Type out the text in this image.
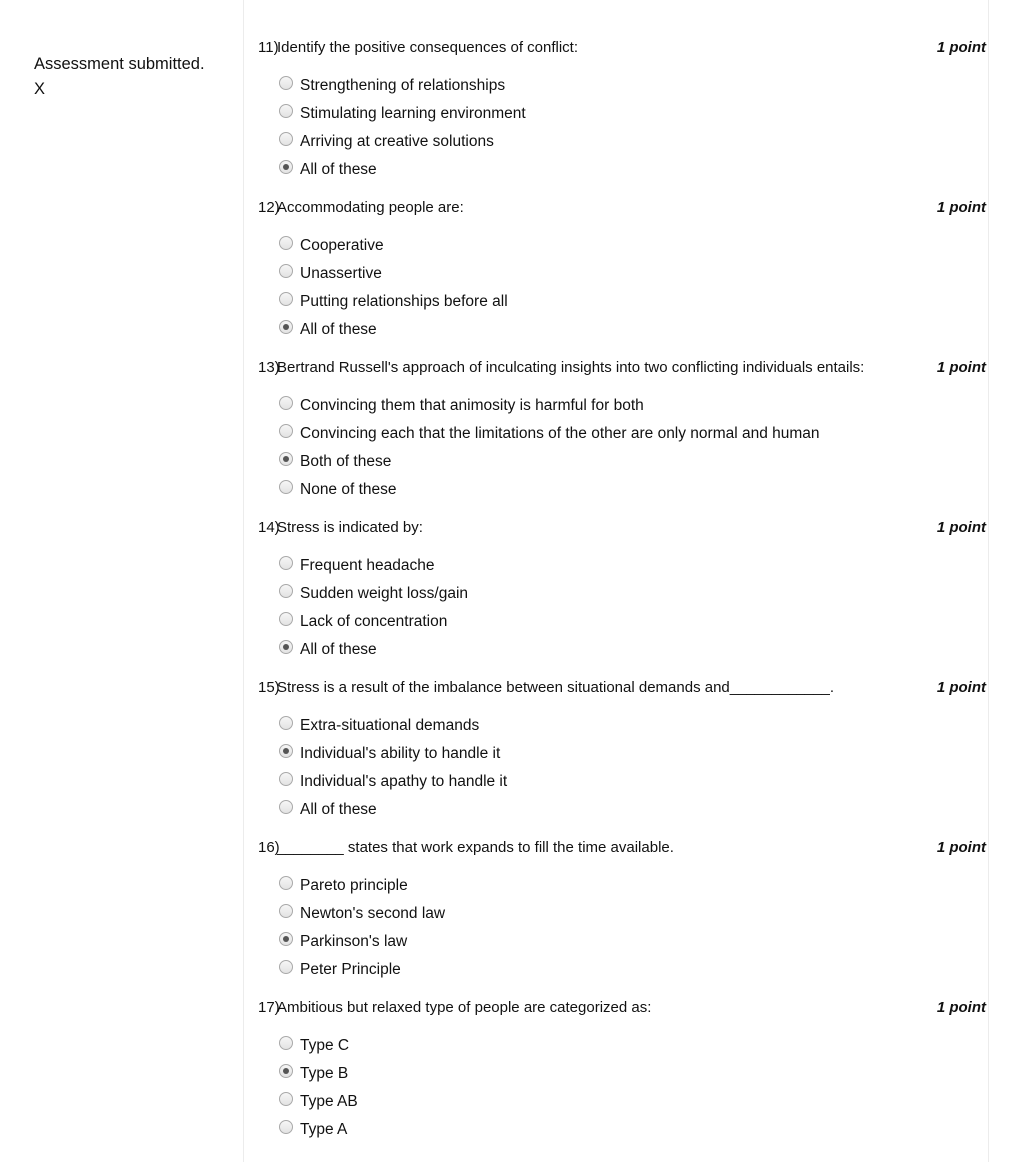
Assessment submitted.
X
11)Identify the positive consequences of conflict:	1 point
Strengthening of relationships
Stimulating learning environment
Arriving at creative solutions
All of these
12)Accommodating people are:	1 point
Cooperative
Unassertive
Putting relationships before all
All of these
13)Bertrand Russell's approach of inculcating insights into two conflicting individuals entails:	1 point
Convincing them that animosity is harmful for both
Convincing each that the limitations of the other are only normal and human
Both of these
None of these
14)Stress is indicated by:	1 point
Frequent headache
Sudden weight loss/gain
Lack of concentration
All of these
15)Stress is a result of the imbalance between situational demands and____________.	1 point
Extra-situational demands
Individual's ability to handle it
Individual's apathy to handle it
All of these
16)________ states that work expands to fill the time available.	1 point
Pareto principle
Newton's second law
Parkinson's law
Peter Principle
17)Ambitious but relaxed type of people are categorized as:	1 point
Type C
Type B
Type AB
Type A
